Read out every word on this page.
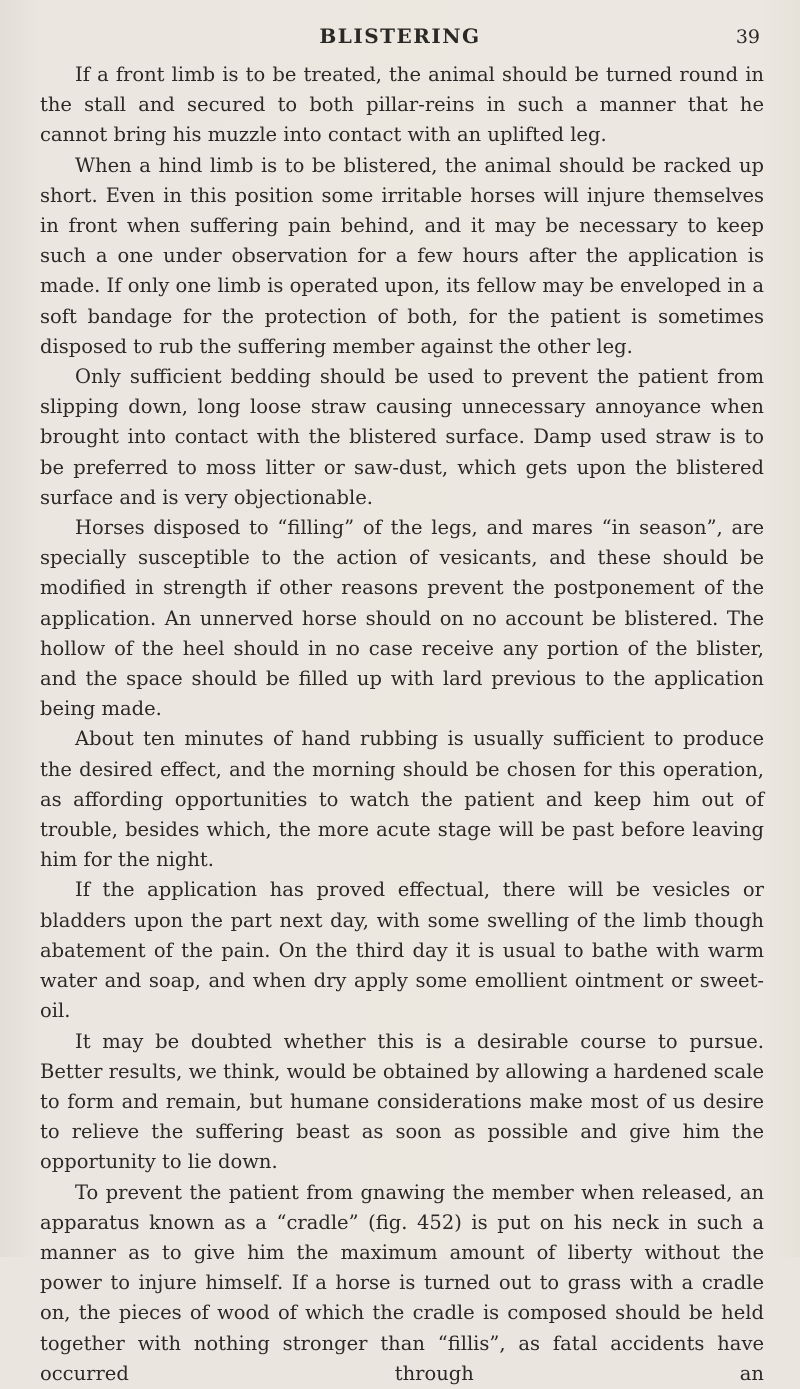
BLISTERING	39

If a front limb is to be treated, the animal should be turned round in the stall and secured to both pillar-reins in such a manner that he cannot bring his muzzle into contact with an uplifted leg.

When a hind limb is to be blistered, the animal should be racked up short. Even in this position some irritable horses will injure themselves in front when suffering pain behind, and it may be necessary to keep such a one under observation for a few hours after the application is made. If only one limb is operated upon, its fellow may be enveloped in a soft bandage for the protection of both, for the patient is sometimes disposed to rub the suffering member against the other leg.

Only sufficient bedding should be used to prevent the patient from slipping down, long loose straw causing unnecessary annoyance when brought into contact with the blistered surface. Damp used straw is to be preferred to moss litter or saw-dust, which gets upon the blistered surface and is very objectionable.

Horses disposed to “filling” of the legs, and mares “in season”, are specially susceptible to the action of vesicants, and these should be modified in strength if other reasons prevent the postponement of the application. An unnerved horse should on no account be blistered. The hollow of the heel should in no case receive any portion of the blister, and the space should be filled up with lard previous to the application being made.

About ten minutes of hand rubbing is usually sufficient to produce the desired effect, and the morning should be chosen for this operation, as affording opportunities to watch the patient and keep him out of trouble, besides which, the more acute stage will be past before leaving him for the night.

If the application has proved effectual, there will be vesicles or bladders upon the part next day, with some swelling of the limb though abatement of the pain. On the third day it is usual to bathe with warm water and soap, and when dry apply some emollient ointment or sweet-oil.

It may be doubted whether this is a desirable course to pursue. Better results, we think, would be obtained by allowing a hardened scale to form and remain, but humane considerations make most of us desire to relieve the suffering beast as soon as possible and give him the opportunity to lie down.

To prevent the patient from gnawing the member when released, an apparatus known as a “cradle” (fig. 452) is put on his neck in such a manner as to give him the maximum amount of liberty without the power to injure himself. If a horse is turned out to grass with a cradle on, the pieces of wood of which the cradle is composed should be held together with nothing stronger than “fillis”, as fatal accidents have occurred through an
